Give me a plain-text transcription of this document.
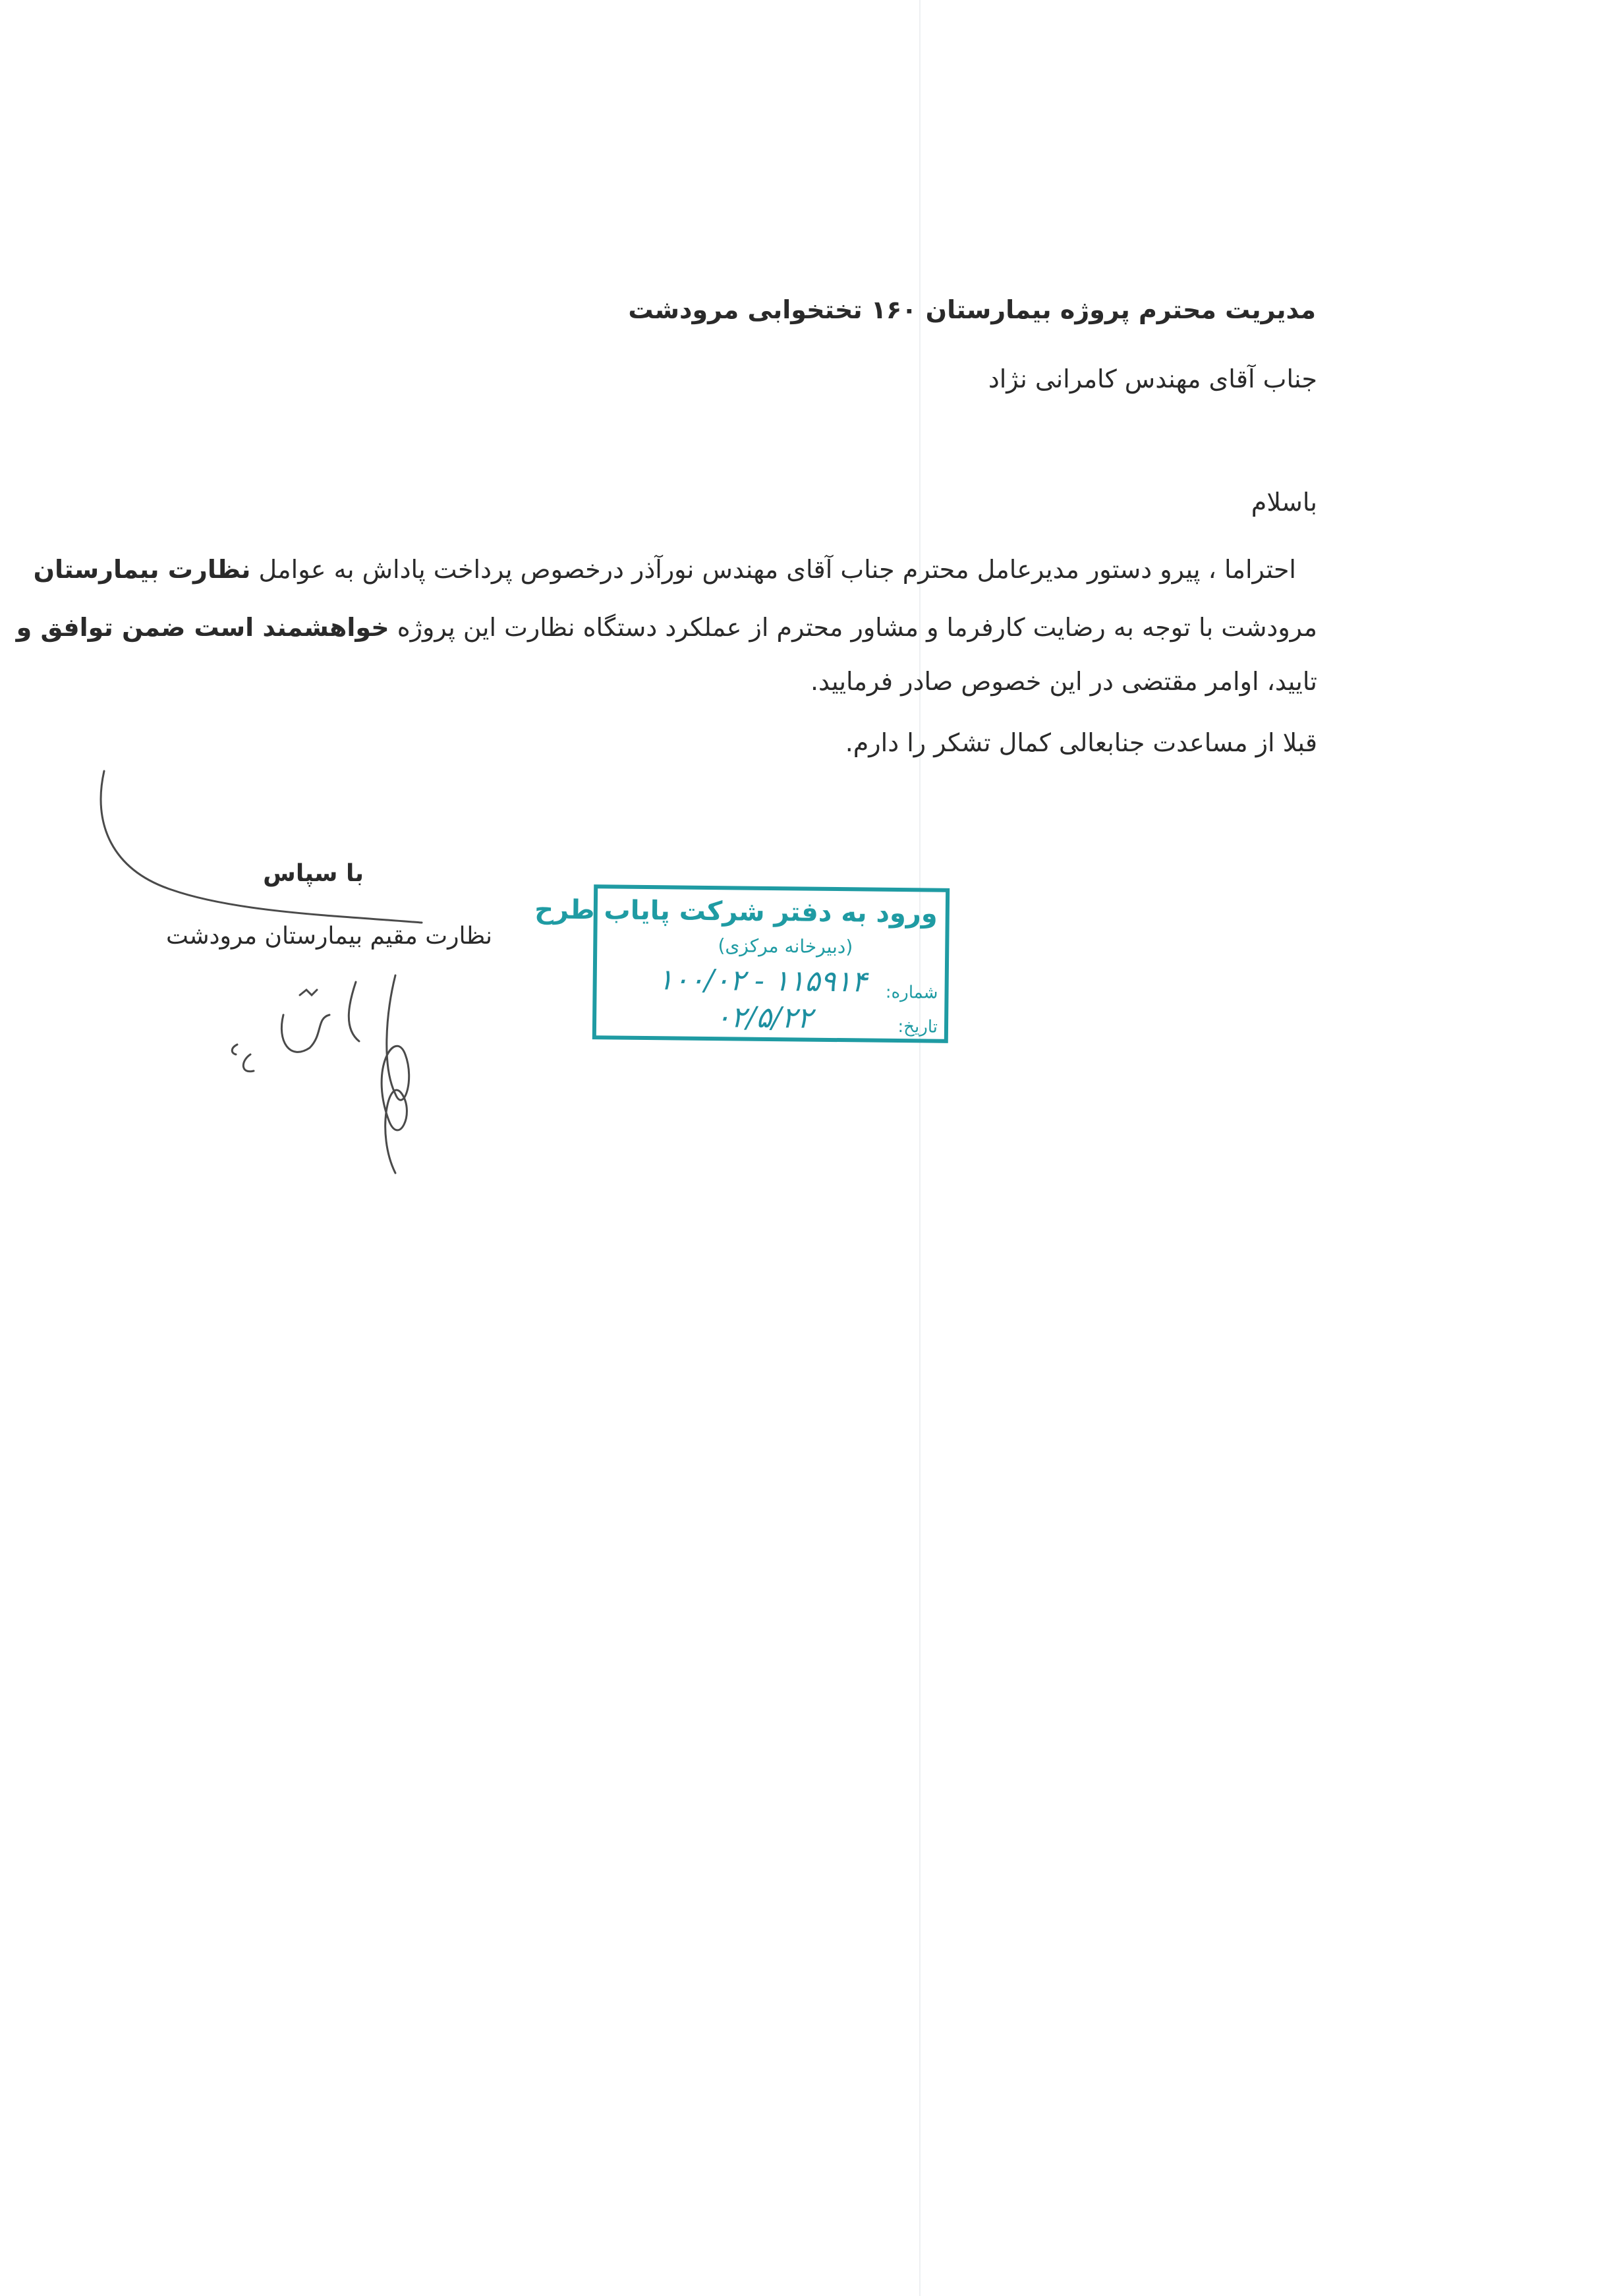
مدیریت محترم پروژه بیمارستان ۱۶۰ تختخوابی مرودشت
جناب آقای مهندس کامرانی نژاد
باسلام
احتراما ، پیرو دستور مدیرعامل محترم جناب آقای مهندس نورآذر درخصوص پرداخت پاداش به عوامل نظارت بیمارستان
مرودشت با توجه به رضایت کارفرما و مشاور محترم از عملکرد دستگاه نظارت این پروژه خواهشمند است ضمن توافق و
تایید، اوامر مقتضی در این خصوص صادر فرمایید.
قبلا از مساعدت جنابعالی کمال تشکر را دارم.
با سپاس
نظارت مقیم بیمارستان مرودشت
ورود به دفتر شرکت پایاب طرح
(دبیرخانه مرکزی)
شماره:
۱۰۰/۰۲ - ۱۱۵۹۱۴
تاریخ:
۰۲/۵/۲۲
